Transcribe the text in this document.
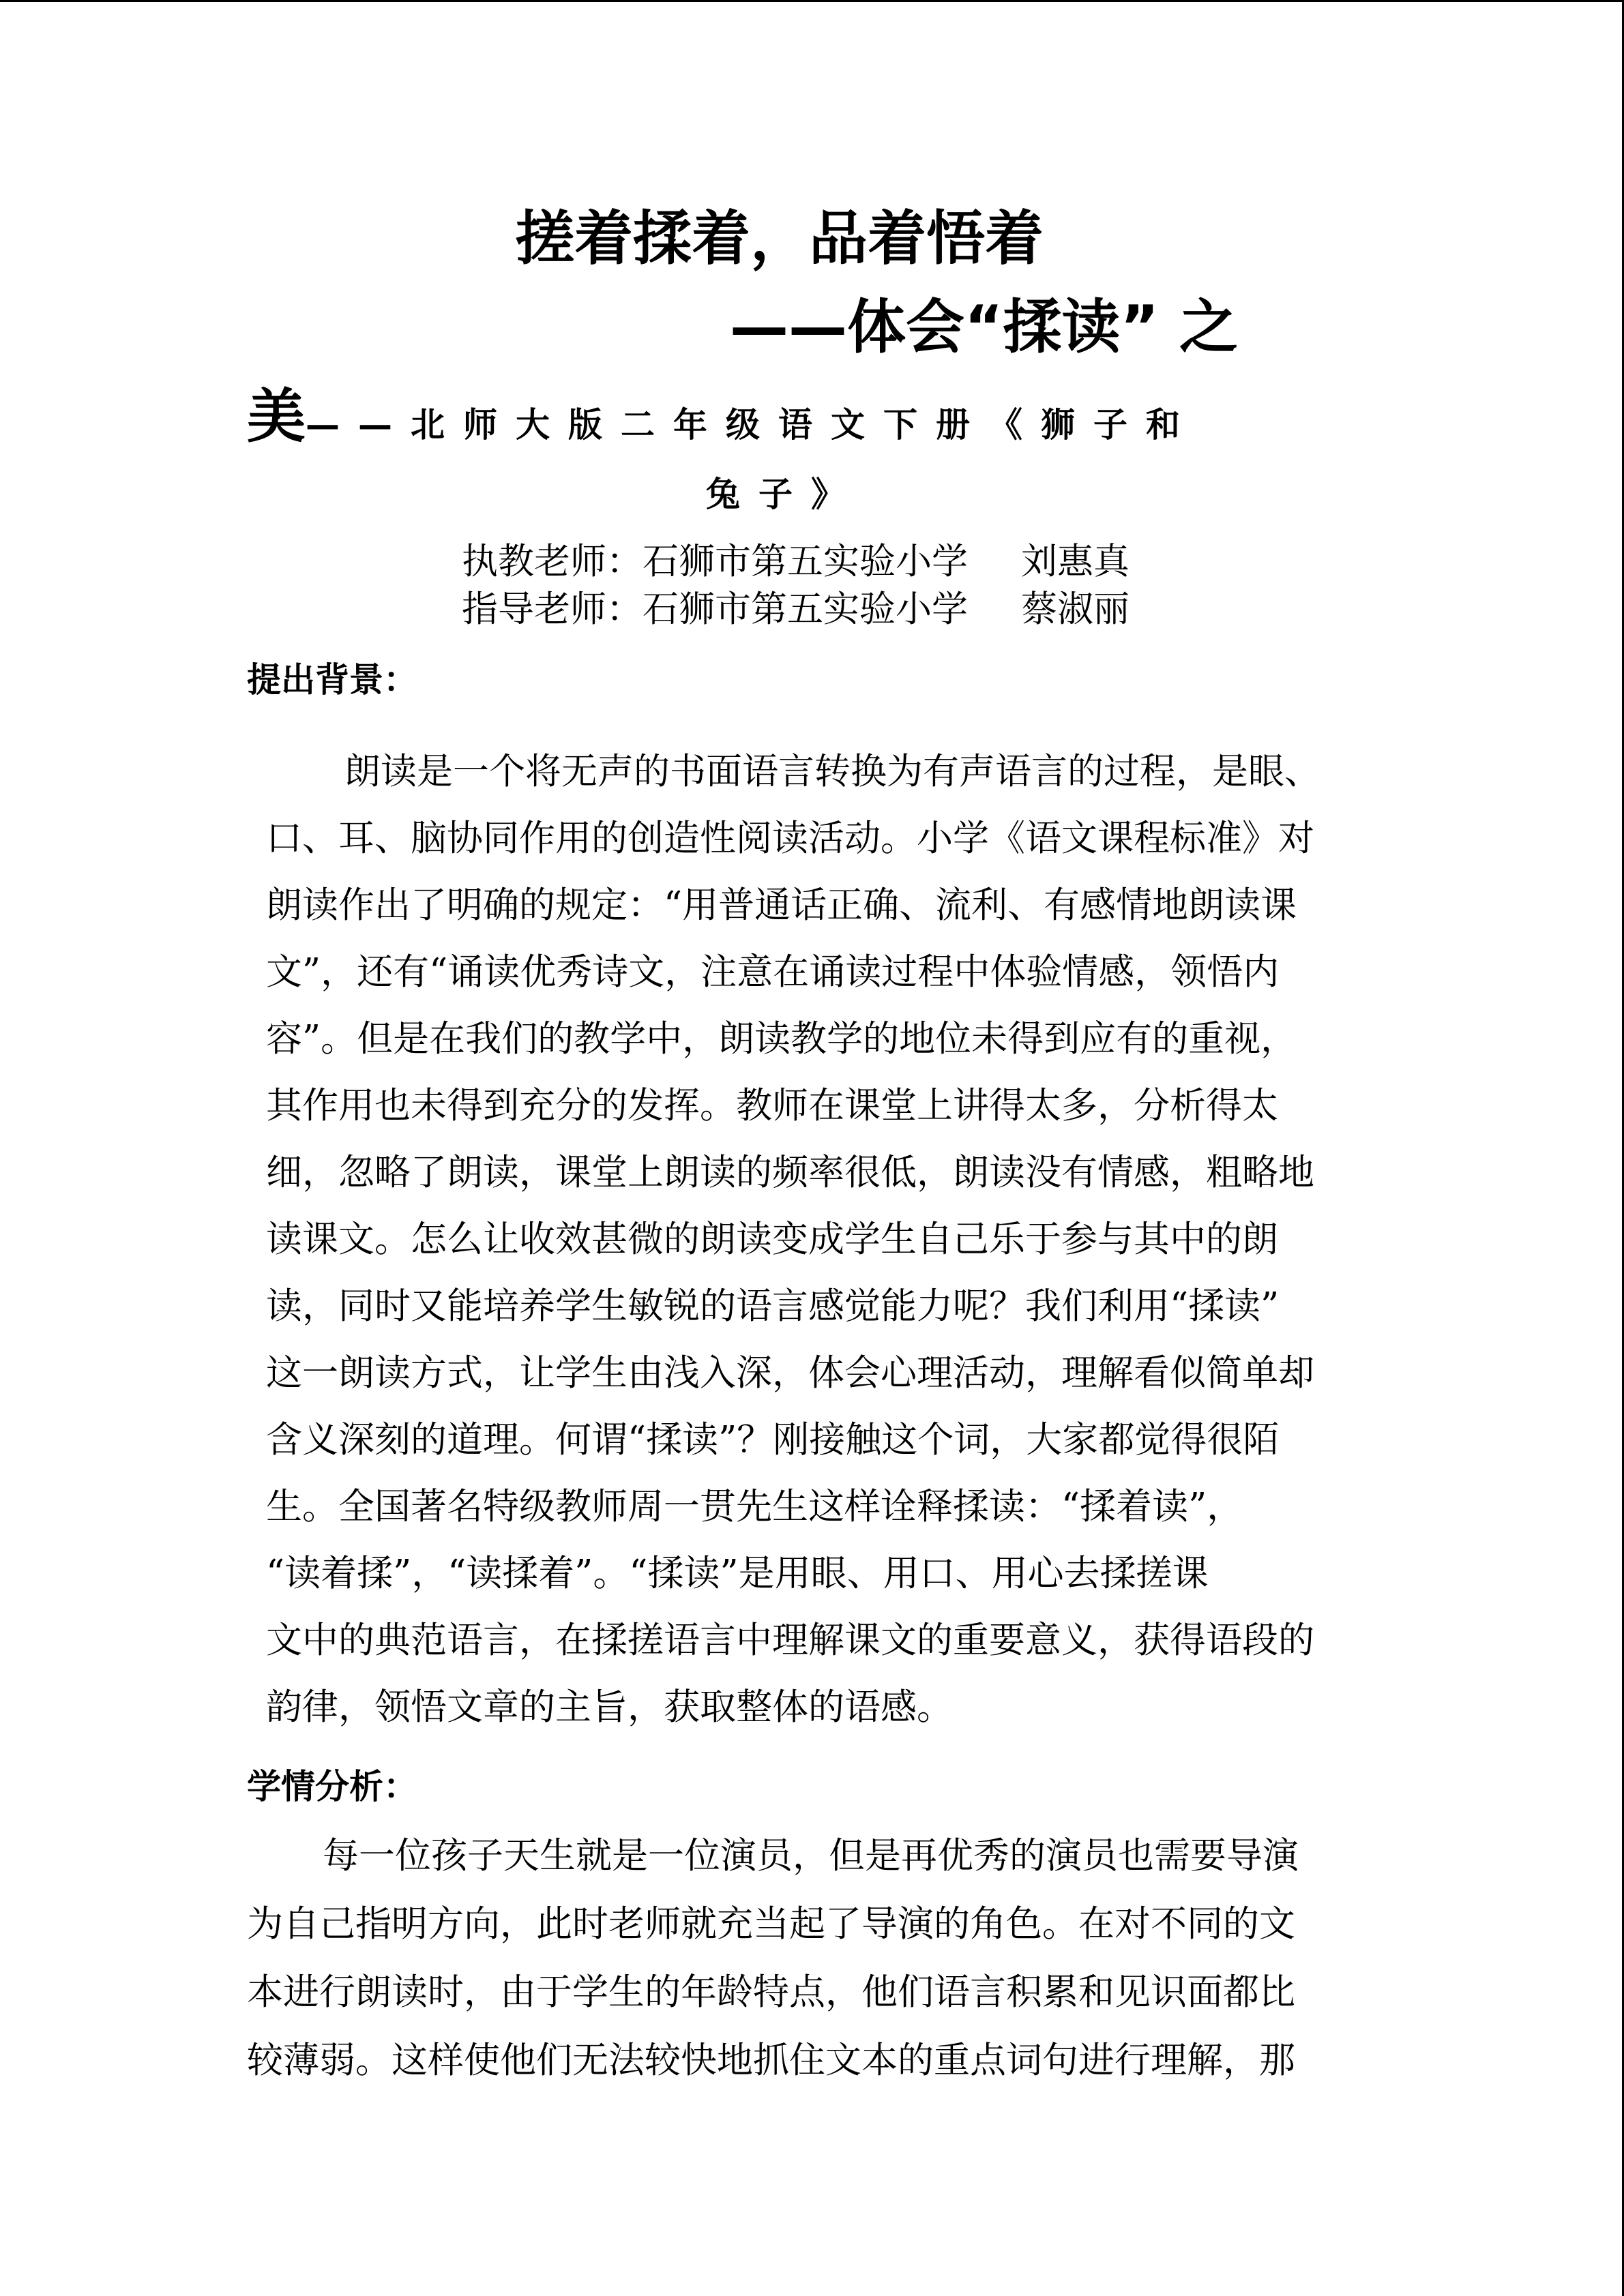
搓着揉着，品着悟着
——体会“揉读” 之
美——北师大版二年级语文下册《狮子和
兔子》
执教老师：石狮市第五实验小学 刘惠真
指导老师：石狮市第五实验小学 蔡淑丽
提出背景：
朗读是一个将无声的书面语言转换为有声语言的过程，是眼、
口、耳、脑协同作用的创造性阅读活动。小学《语文课程标准》对
朗读作出了明确的规定：“用普通话正确、流利、有感情地朗读课
文”，还有“诵读优秀诗文，注意在诵读过程中体验情感，领悟内
容”。但是在我们的教学中，朗读教学的地位未得到应有的重视，
其作用也未得到充分的发挥。教师在课堂上讲得太多，分析得太
细，忽略了朗读，课堂上朗读的频率很低，朗读没有情感，粗略地
读课文。怎么让收效甚微的朗读变成学生自己乐于参与其中的朗
读，同时又能培养学生敏锐的语言感觉能力呢？我们利用“揉读”
这一朗读方式，让学生由浅入深，体会心理活动，理解看似简单却
含义深刻的道理。何谓“揉读”？刚接触这个词，大家都觉得很陌
生。全国著名特级教师周一贯先生这样诠释揉读：“揉着读”，
“读着揉”，“读揉着”。“揉读”是用眼、用口、用心去揉搓课
文中的典范语言，在揉搓语言中理解课文的重要意义，获得语段的
韵律，领悟文章的主旨，获取整体的语感。
学情分析：
每一位孩子天生就是一位演员，但是再优秀的演员也需要导演
为自己指明方向，此时老师就充当起了导演的角色。在对不同的文
本进行朗读时，由于学生的年龄特点，他们语言积累和见识面都比
较薄弱。这样使他们无法较快地抓住文本的重点词句进行理解，那
